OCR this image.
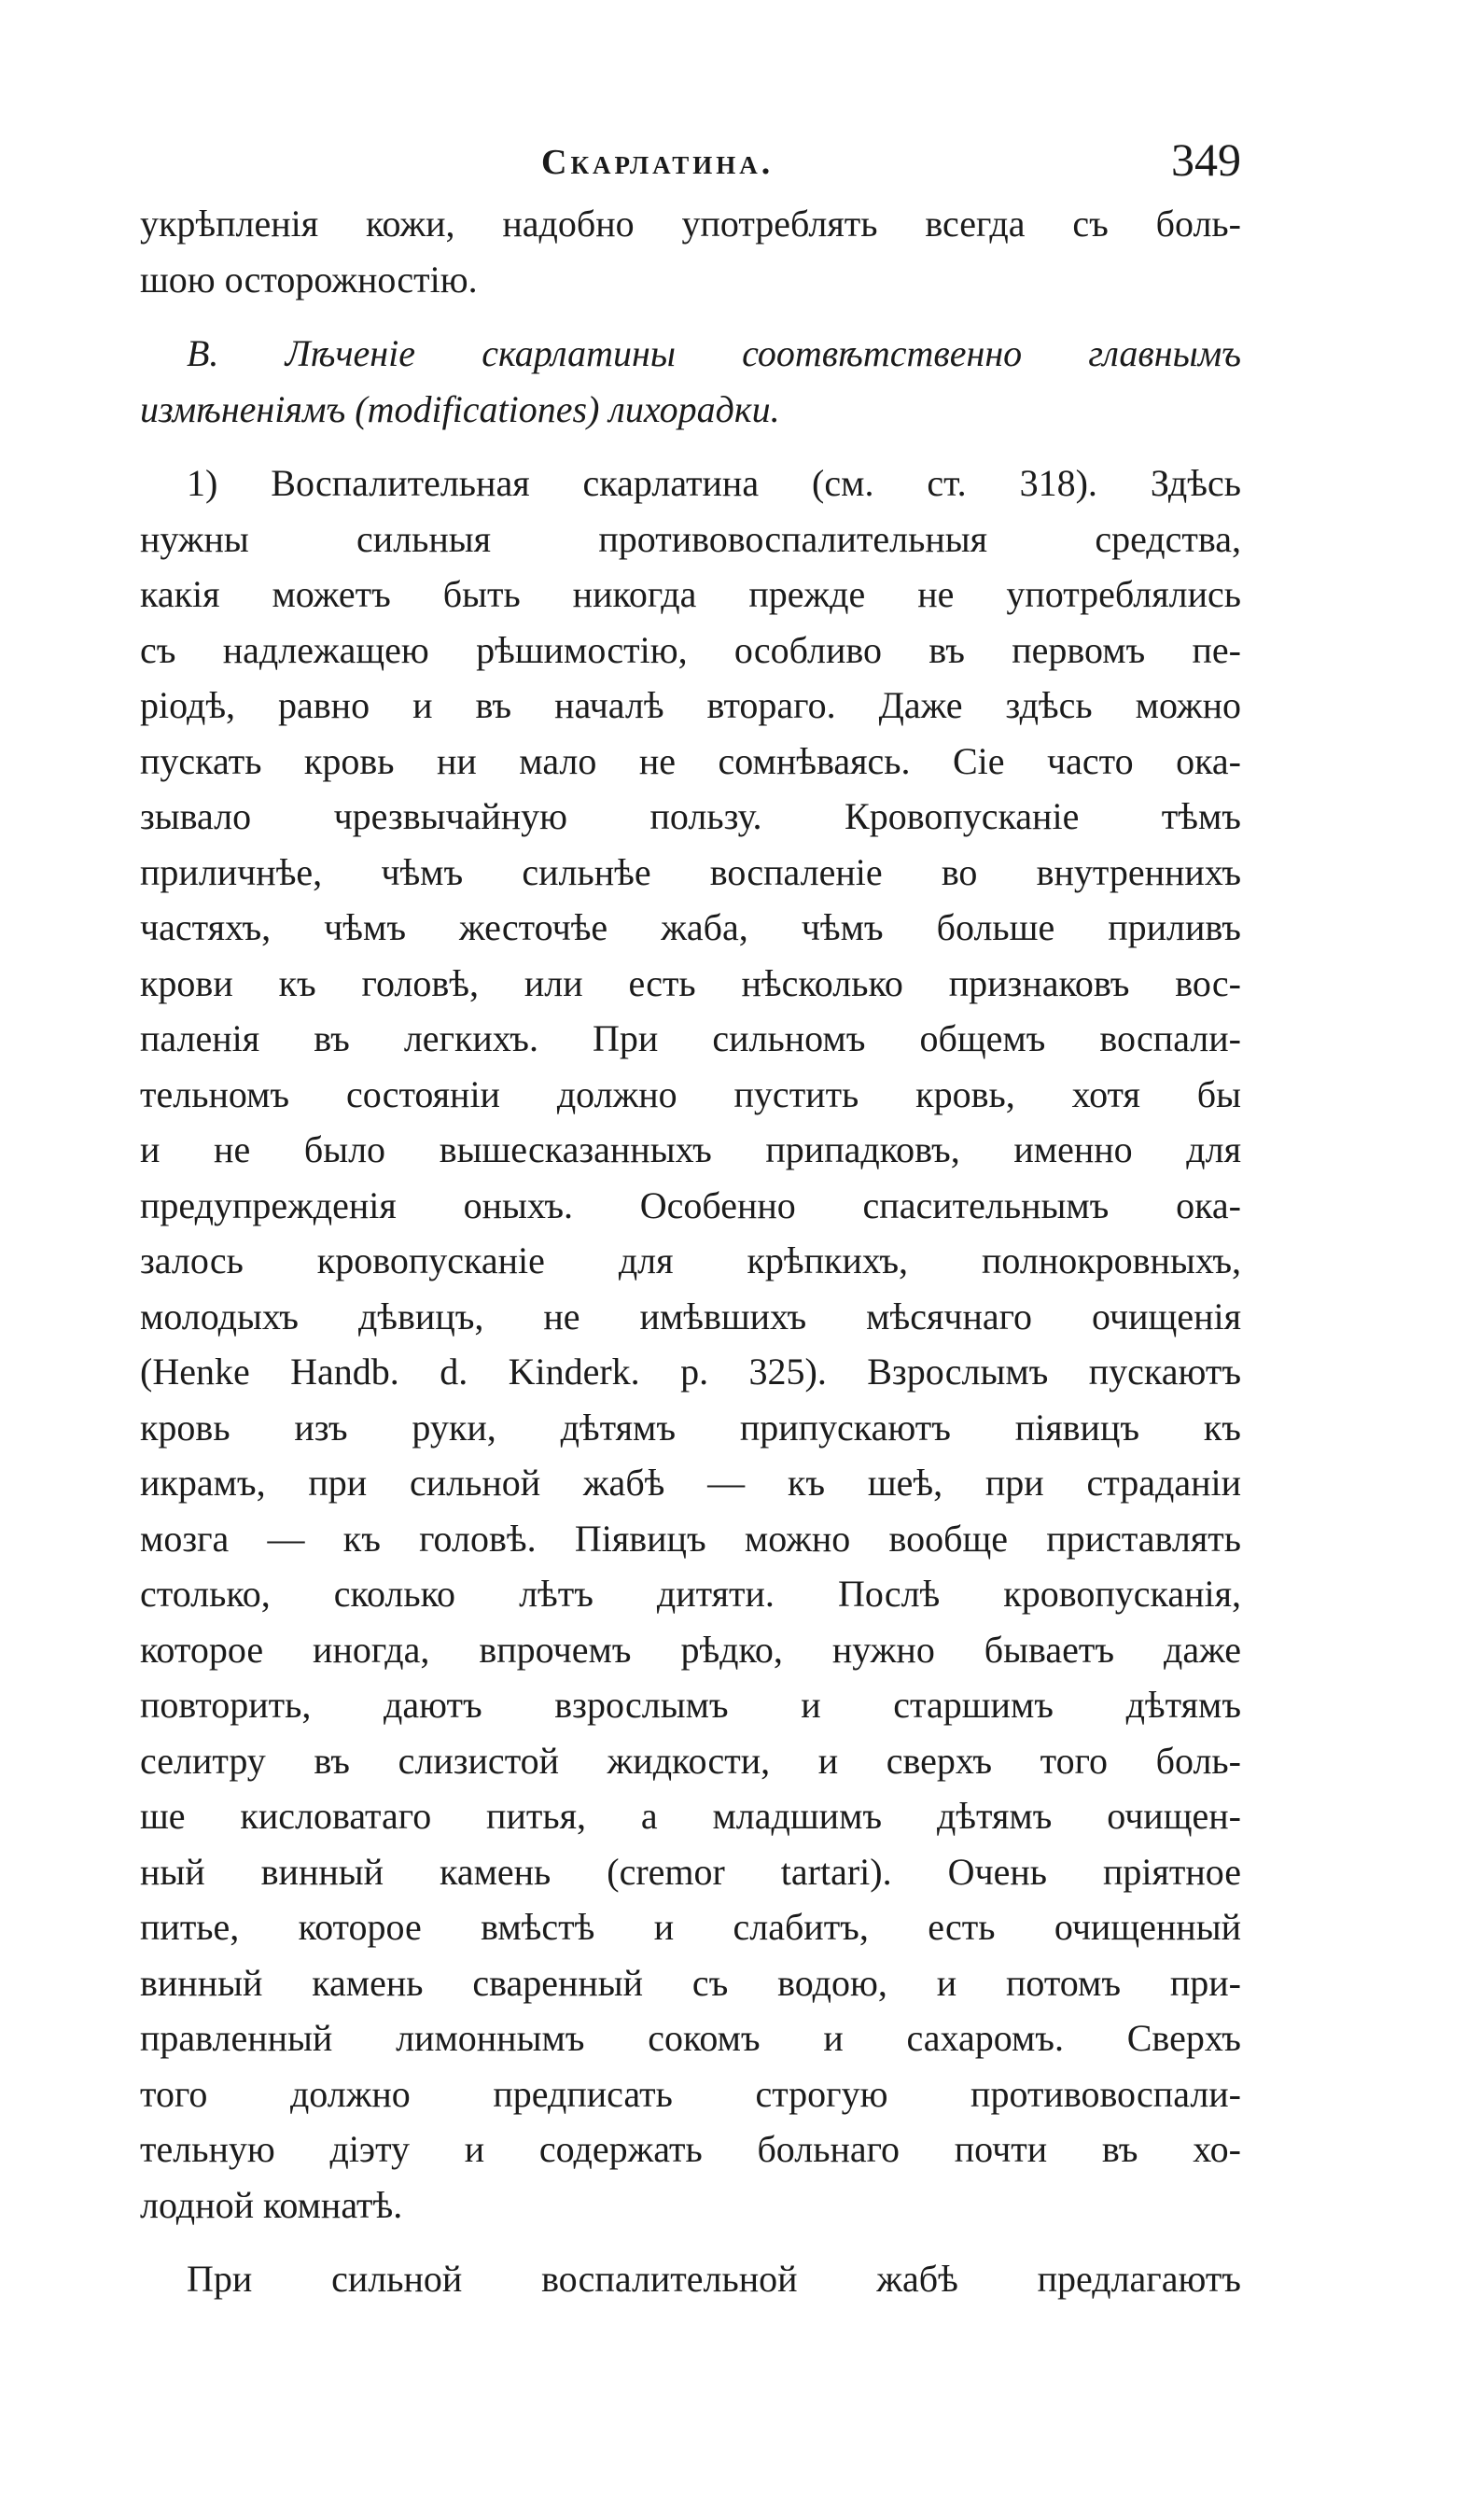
Скарлатина.	349
укрѣпленія кожи, надобно употреблять всегда съ боль-
шою осторожностію.
B. Лѣченіе скарлатины соотвѣтственно главнымъ
измѣненіямъ (modificationes) лихорадки.
1) Воспалительная скарлатина (см. ст. 318). Здѣсь
нужны сильныя противовоспалительныя средства,
какія можетъ быть никогда прежде не употреблялись
съ надлежащею рѣшимостію, особливо въ первомъ пе-
ріодѣ, равно и въ началѣ втораго. Даже здѣсь можно
пускать кровь ни мало не сомнѣваясь. Сіе часто ока-
зывало чрезвычайную пользу. Кровопусканіе тѣмъ
приличнѣе, чѣмъ сильнѣе воспаленіе во внутреннихъ
частяхъ, чѣмъ жесточѣе жаба, чѣмъ больше приливъ
крови къ головѣ, или есть нѣсколько признаковъ вос-
паленія въ легкихъ. При сильномъ общемъ воспали-
тельномъ состояніи должно пустить кровь, хотя бы
и не было вышесказанныхъ припадковъ, именно для
предупрежденія оныхъ. Особенно спасительнымъ ока-
залось кровопусканіе для крѣпкихъ, полнокровныхъ,
молодыхъ дѣвицъ, не имѣвшихъ мѣсячнаго очищенія
(Henke Handb. d. Kinderk. p. 325). Взрослымъ пускаютъ
кровь изъ руки, дѣтямъ припускаютъ піявицъ къ
икрамъ, при сильной жабѣ — къ шеѣ, при страданіи
мозга — къ головѣ. Піявицъ можно вообще приставлять
столько, сколько лѣтъ дитяти. Послѣ кровопусканія,
которое иногда, впрочемъ рѣдко, нужно бываетъ даже
повторить, даютъ взрослымъ и старшимъ дѣтямъ
селитру въ слизистой жидкости, и сверхъ того боль-
ше кисловатаго питья, а младшимъ дѣтямъ очищен-
ный винный камень (cremor tartari). Очень пріятное
питье, которое вмѣстѣ и слабитъ, есть очищенный
винный камень сваренный съ водою, и потомъ при-
правленный лимоннымъ сокомъ и сахаромъ. Сверхъ
того должно предписать строгую противовоспали-
тельную діэту и содержать больнаго почти въ хо-
лодной комнатѣ.
При сильной воспалительной жабѣ предлагаютъ
